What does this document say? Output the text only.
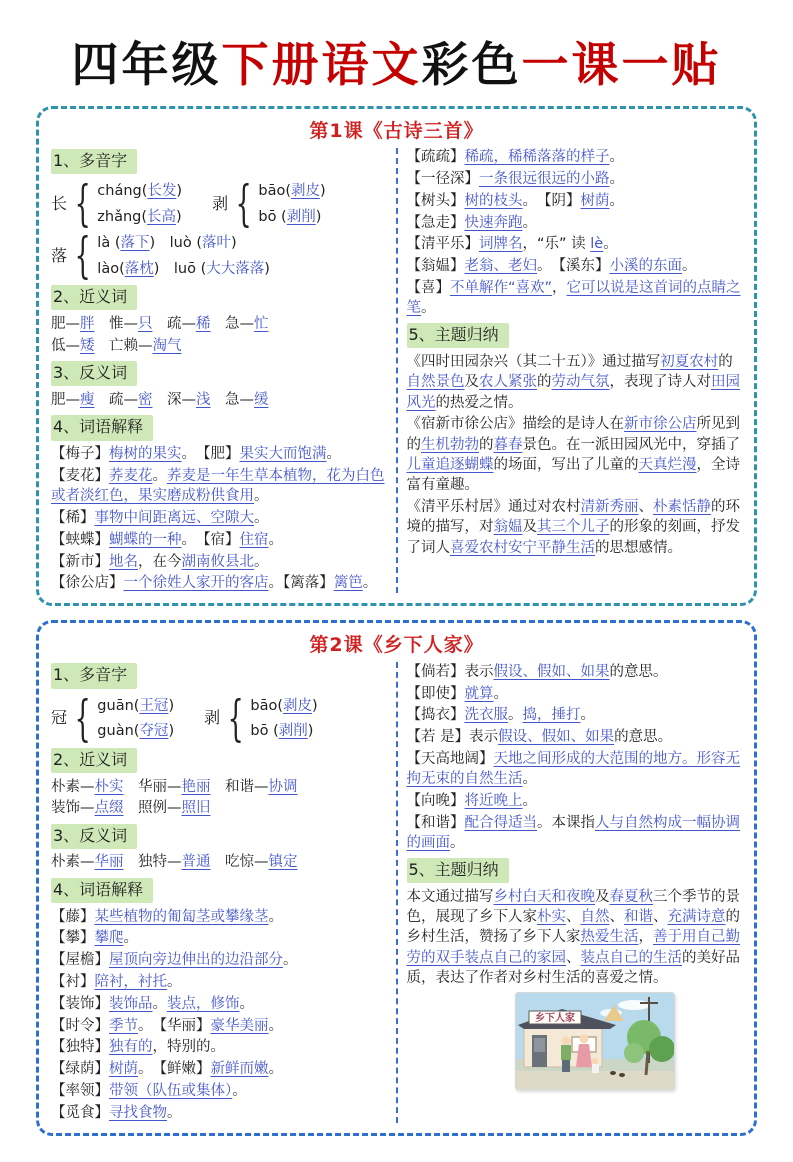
四年级下册语文彩色一课一贴
第1课《古诗三首》
1、多音字
长 { cháng(长发)
zhǎng(长高)
剥 { bāo(剥皮)
bō (剥削)
落 { là (落下)　luò (落叶)
lào(落枕)　luō (大大落落)
2、近义词
肥—胖　惟—只　疏—稀　急—忙
低—矮　亡赖—淘气
3、反义词
肥—瘦　疏—密　深—浅　急—缓
4、词语解释
【梅子】梅树的果实。　【肥】果实大而饱满。
【麦花】荞麦花。荞麦是一年生草本植物，花为白色或者淡红色，果实磨成粉供食用。
【稀】事物中间距离远、空隙大。
【蛱蝶】蝴蝶的一种。　【宿】住宿。
【新市】地名，在今湖南攸县北。
【徐公店】一个徐姓人家开的客店。【篱落】篱笆。
【疏疏】稀疏，稀稀落落的样子。
【一径深】一条很远很远的小路。
【树头】树的枝头。　【阴】树荫。
【急走】快速奔跑。
【清平乐】词牌名，“乐” 读 lè。
【翁媪】老翁、老妇。　【溪东】小溪的东面。
【喜】不单解作“喜欢”，它可以说是这首词的点睛之笔。
5、主题归纳
《四时田园杂兴（其二十五）》通过描写初夏农村的自然景色及农人紧张的劳动气氛，表现了诗人对田园风光的热爱之情。
《宿新市徐公店》描绘的是诗人在新市徐公店所见到的生机勃勃的暮春景色。在一派田园风光中，穿插了儿童追逐蝴蝶的场面，写出了儿童的天真烂漫，全诗富有童趣。
《清平乐村居》通过对农村清新秀丽、朴素恬静的环境的描写，对翁媪及其三个儿子的形象的刻画，抒发了词人喜爱农村安宁平静生活的思想感情。
第2课《乡下人家》
1、多音字
冠 { guān(王冠)
guàn(夺冠)
剥 { bāo(剥皮)
bō (剥削)
2、近义词
朴素—朴实　华丽—艳丽　和谐—协调
装饰—点缀　照例—照旧
3、反义词
朴素—华丽　独特—普通　吃惊—镇定
4、词语解释
【藤】某些植物的匍匐茎或攀缘茎。
【攀】攀爬。
【屋檐】屋顶向旁边伸出的边沿部分。
【衬】陪衬，衬托。
【装饰】装饰品。装点，修饰。
【时令】季节。　【华丽】豪华美丽。
【独特】独有的，特别的。
【绿荫】树荫。　【鲜嫩】新鲜而嫩。
【率领】带领（队伍或集体）。
【觅食】寻找食物。
【倘若】表示假设、假如、如果的意思。
【即使】就算。
【捣衣】洗衣服。捣，捶打。
【若 是】表示假设、假如、如果的意思。
【天高地阔】天地之间形成的大范围的地方。形容无拘无束的自然生活。
【向晚】将近晚上。
【和谐】配合得适当。本课指人与自然构成一幅协调的画面。
5、主题归纳
本文通过描写乡村白天和夜晚及春夏秋三个季节的景色，展现了乡下人家朴实、自然、和谐、充满诗意的乡村生活，赞扬了乡下人家热爱生活，善于用自己勤劳的双手装点自己的家园、装点自己的生活的美好品质，表达了作者对乡村生活的喜爱之情。
乡下人家
